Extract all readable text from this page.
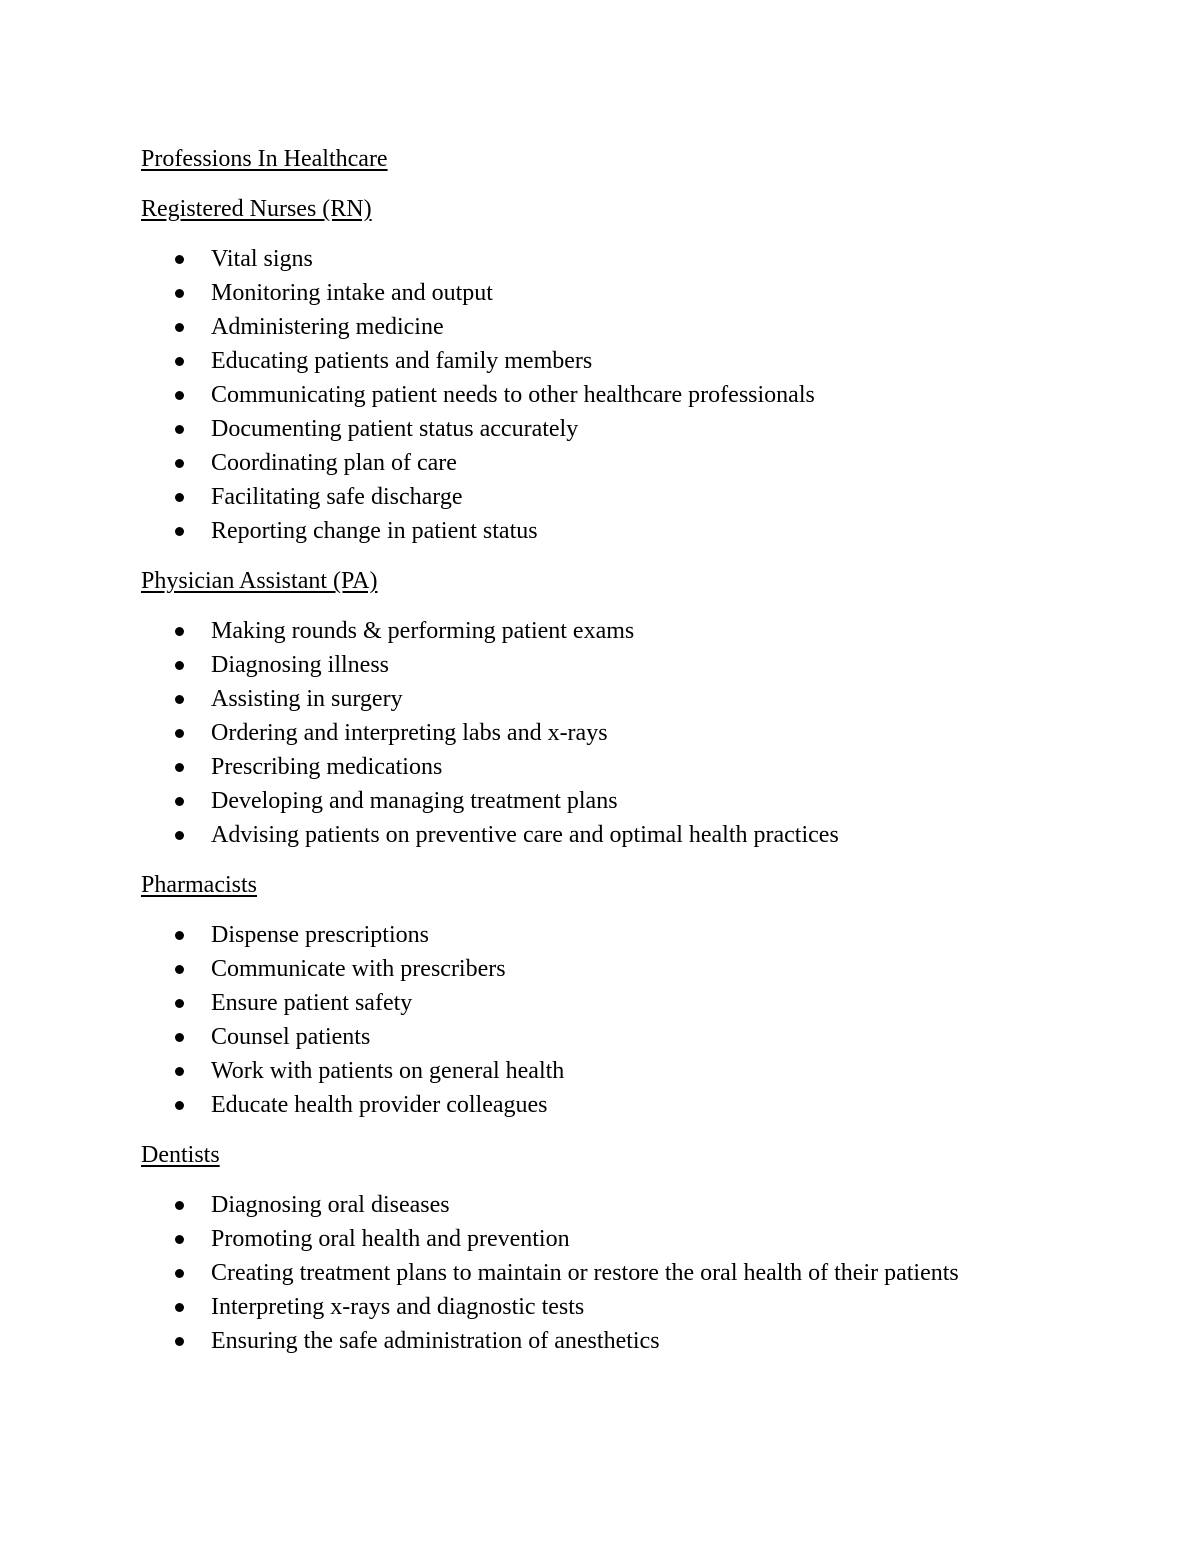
Professions In Healthcare
Registered Nurses (RN)
Vital signs
Monitoring intake and output
Administering medicine
Educating patients and family members
Communicating patient needs to other healthcare professionals
Documenting patient status accurately
Coordinating plan of care
Facilitating safe discharge
Reporting change in patient status
Physician Assistant (PA)
Making rounds & performing patient exams
Diagnosing illness
Assisting in surgery
Ordering and interpreting labs and x-rays
Prescribing medications
Developing and managing treatment plans
Advising patients on preventive care and optimal health practices
Pharmacists
Dispense prescriptions
Communicate with prescribers
Ensure patient safety
Counsel patients
Work with patients on general health
Educate health provider colleagues
Dentists
Diagnosing oral diseases
Promoting oral health and prevention
Creating treatment plans to maintain or restore the oral health of their patients
Interpreting x-rays and diagnostic tests
Ensuring the safe administration of anesthetics
